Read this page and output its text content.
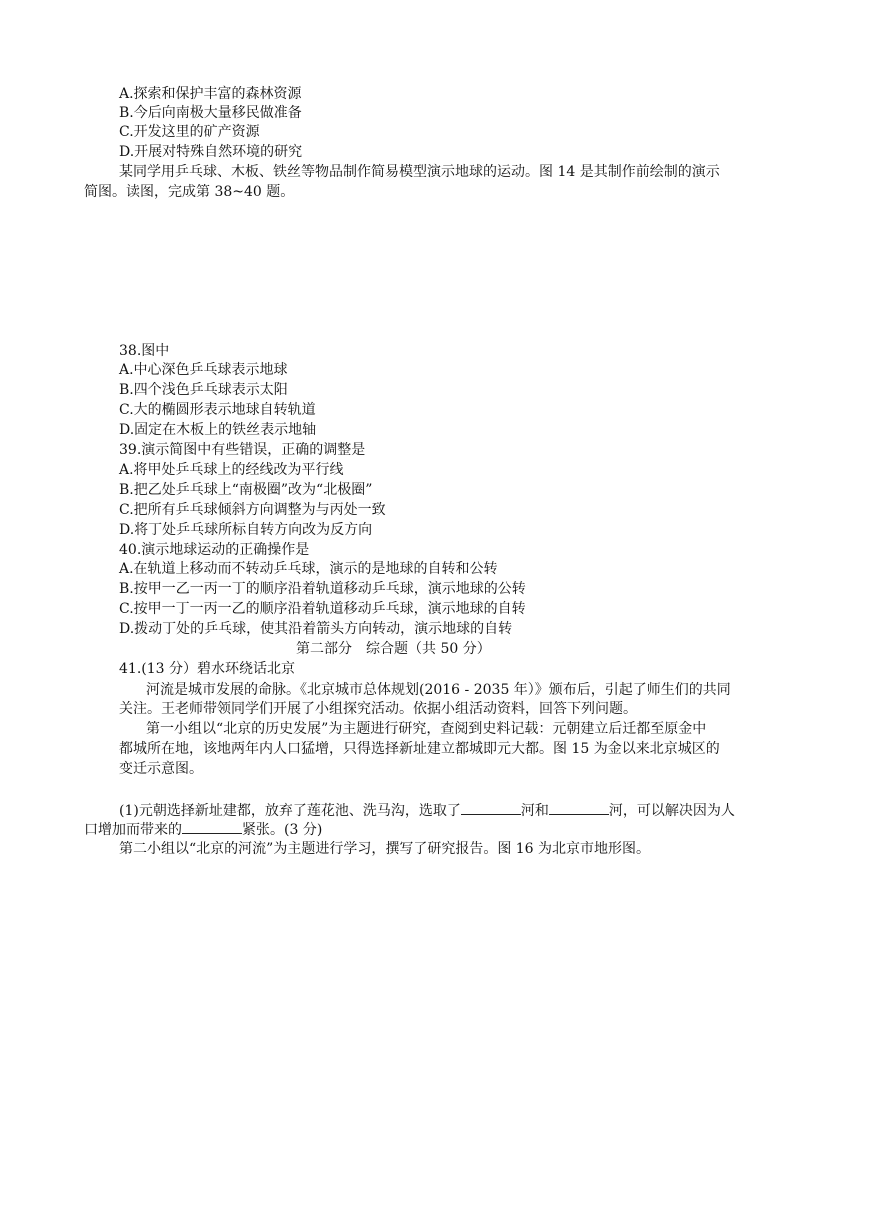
A.探索和保护丰富的森林资源
B.今后向南极大量移民做准备
C.开发这里的矿产资源
D.开展对特殊自然环境的研究
某同学用乒乓球、木板、铁丝等物品制作简易模型演示地球的运动。图 14 是其制作前绘制的演示
简图。读图，完成第 38~40 题。
38.图中
A.中心深色乒乓球表示地球
B.四个浅色乒乓球表示太阳
C.大的椭圆形表示地球自转轨道
D.固定在木板上的铁丝表示地轴
39.演示简图中有些错误，正确的调整是
A.将甲处乒乓球上的经线改为平行线
B.把乙处乒乓球上“南极圈”改为“北极圈”
C.把所有乒乓球倾斜方向调整为与丙处一致
D.将丁处乒乓球所标自转方向改为反方向
40.演示地球运动的正确操作是
A.在轨道上移动而不转动乒乓球，演示的是地球的自转和公转
B.按甲一乙一丙一丁的顺序沿着轨道移动乒乓球，演示地球的公转
C.按甲一丁一丙一乙的顺序沿着轨道移动乒乓球，演示地球的自转
D.拨动丁处的乒乓球，使其沿着箭头方向转动，演示地球的自转
第二部分　综合题（共 50 分）
41.(13 分）碧水环绕话北京
河流是城市发展的命脉。《北京城市总体规划(2016 - 2035 年）》颁布后，引起了师生们的共同
关注。王老师带领同学们开展了小组探究活动。依据小组活动资料，回答下列问题。
第一小组以“北京的历史发展”为主题进行研究，查阅到史料记载：元朝建立后迁都至原金中
都城所在地，该地两年内人口猛增，只得选择新址建立都城即元大都。图 15 为金以来北京城区的
变迁示意图。
(1)元朝选择新址建都，放弃了莲花池、洗马沟，选取了	河和	河，可以解决因为人
口增加而带来的	紧张。(3 分)
第二小组以“北京的河流”为主题进行学习，撰写了研究报告。图 16 为北京市地形图。
